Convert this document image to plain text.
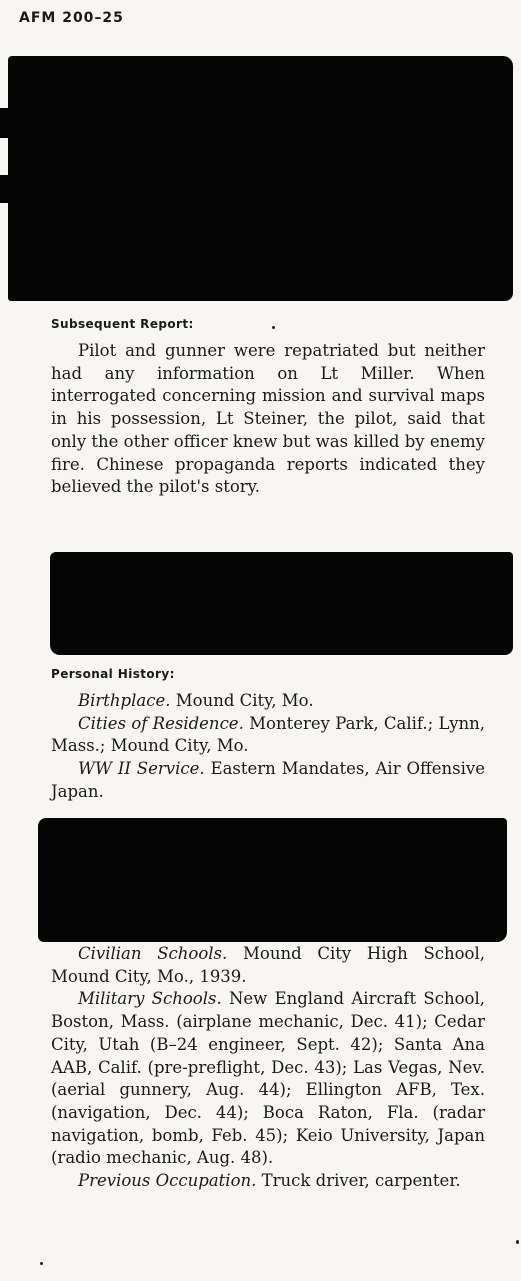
AFM 200–25
Subsequent Report:

Pilot and gunner were repatriated but neither had any information on Lt Miller. When interrogated concerning mission and survival maps in his possession, Lt Steiner, the pilot, said that only the other officer knew but was killed by enemy fire. Chinese propaganda reports indicated they believed the pilot's story.

Personal History:

Birthplace. Mound City, Mo.

Cities of Residence. Monterey Park, Calif.; Lynn, Mass.; Mound City, Mo.

WW II Service. Eastern Mandates, Air Offensive Japan.

Civilian Schools. Mound City High School, Mound City, Mo., 1939.

Military Schools. New England Aircraft School, Boston, Mass. (airplane mechanic, Dec. 41); Cedar City, Utah (B–24 engineer, Sept. 42); Santa Ana AAB, Calif. (pre-preflight, Dec. 43); Las Vegas, Nev. (aerial gunnery, Aug. 44); Ellington AFB, Tex. (navigation, Dec. 44); Boca Raton, Fla. (radar navigation, bomb, Feb. 45); Keio University, Japan (radio mechanic, Aug. 48).

Previous Occupation. Truck driver, carpenter.
